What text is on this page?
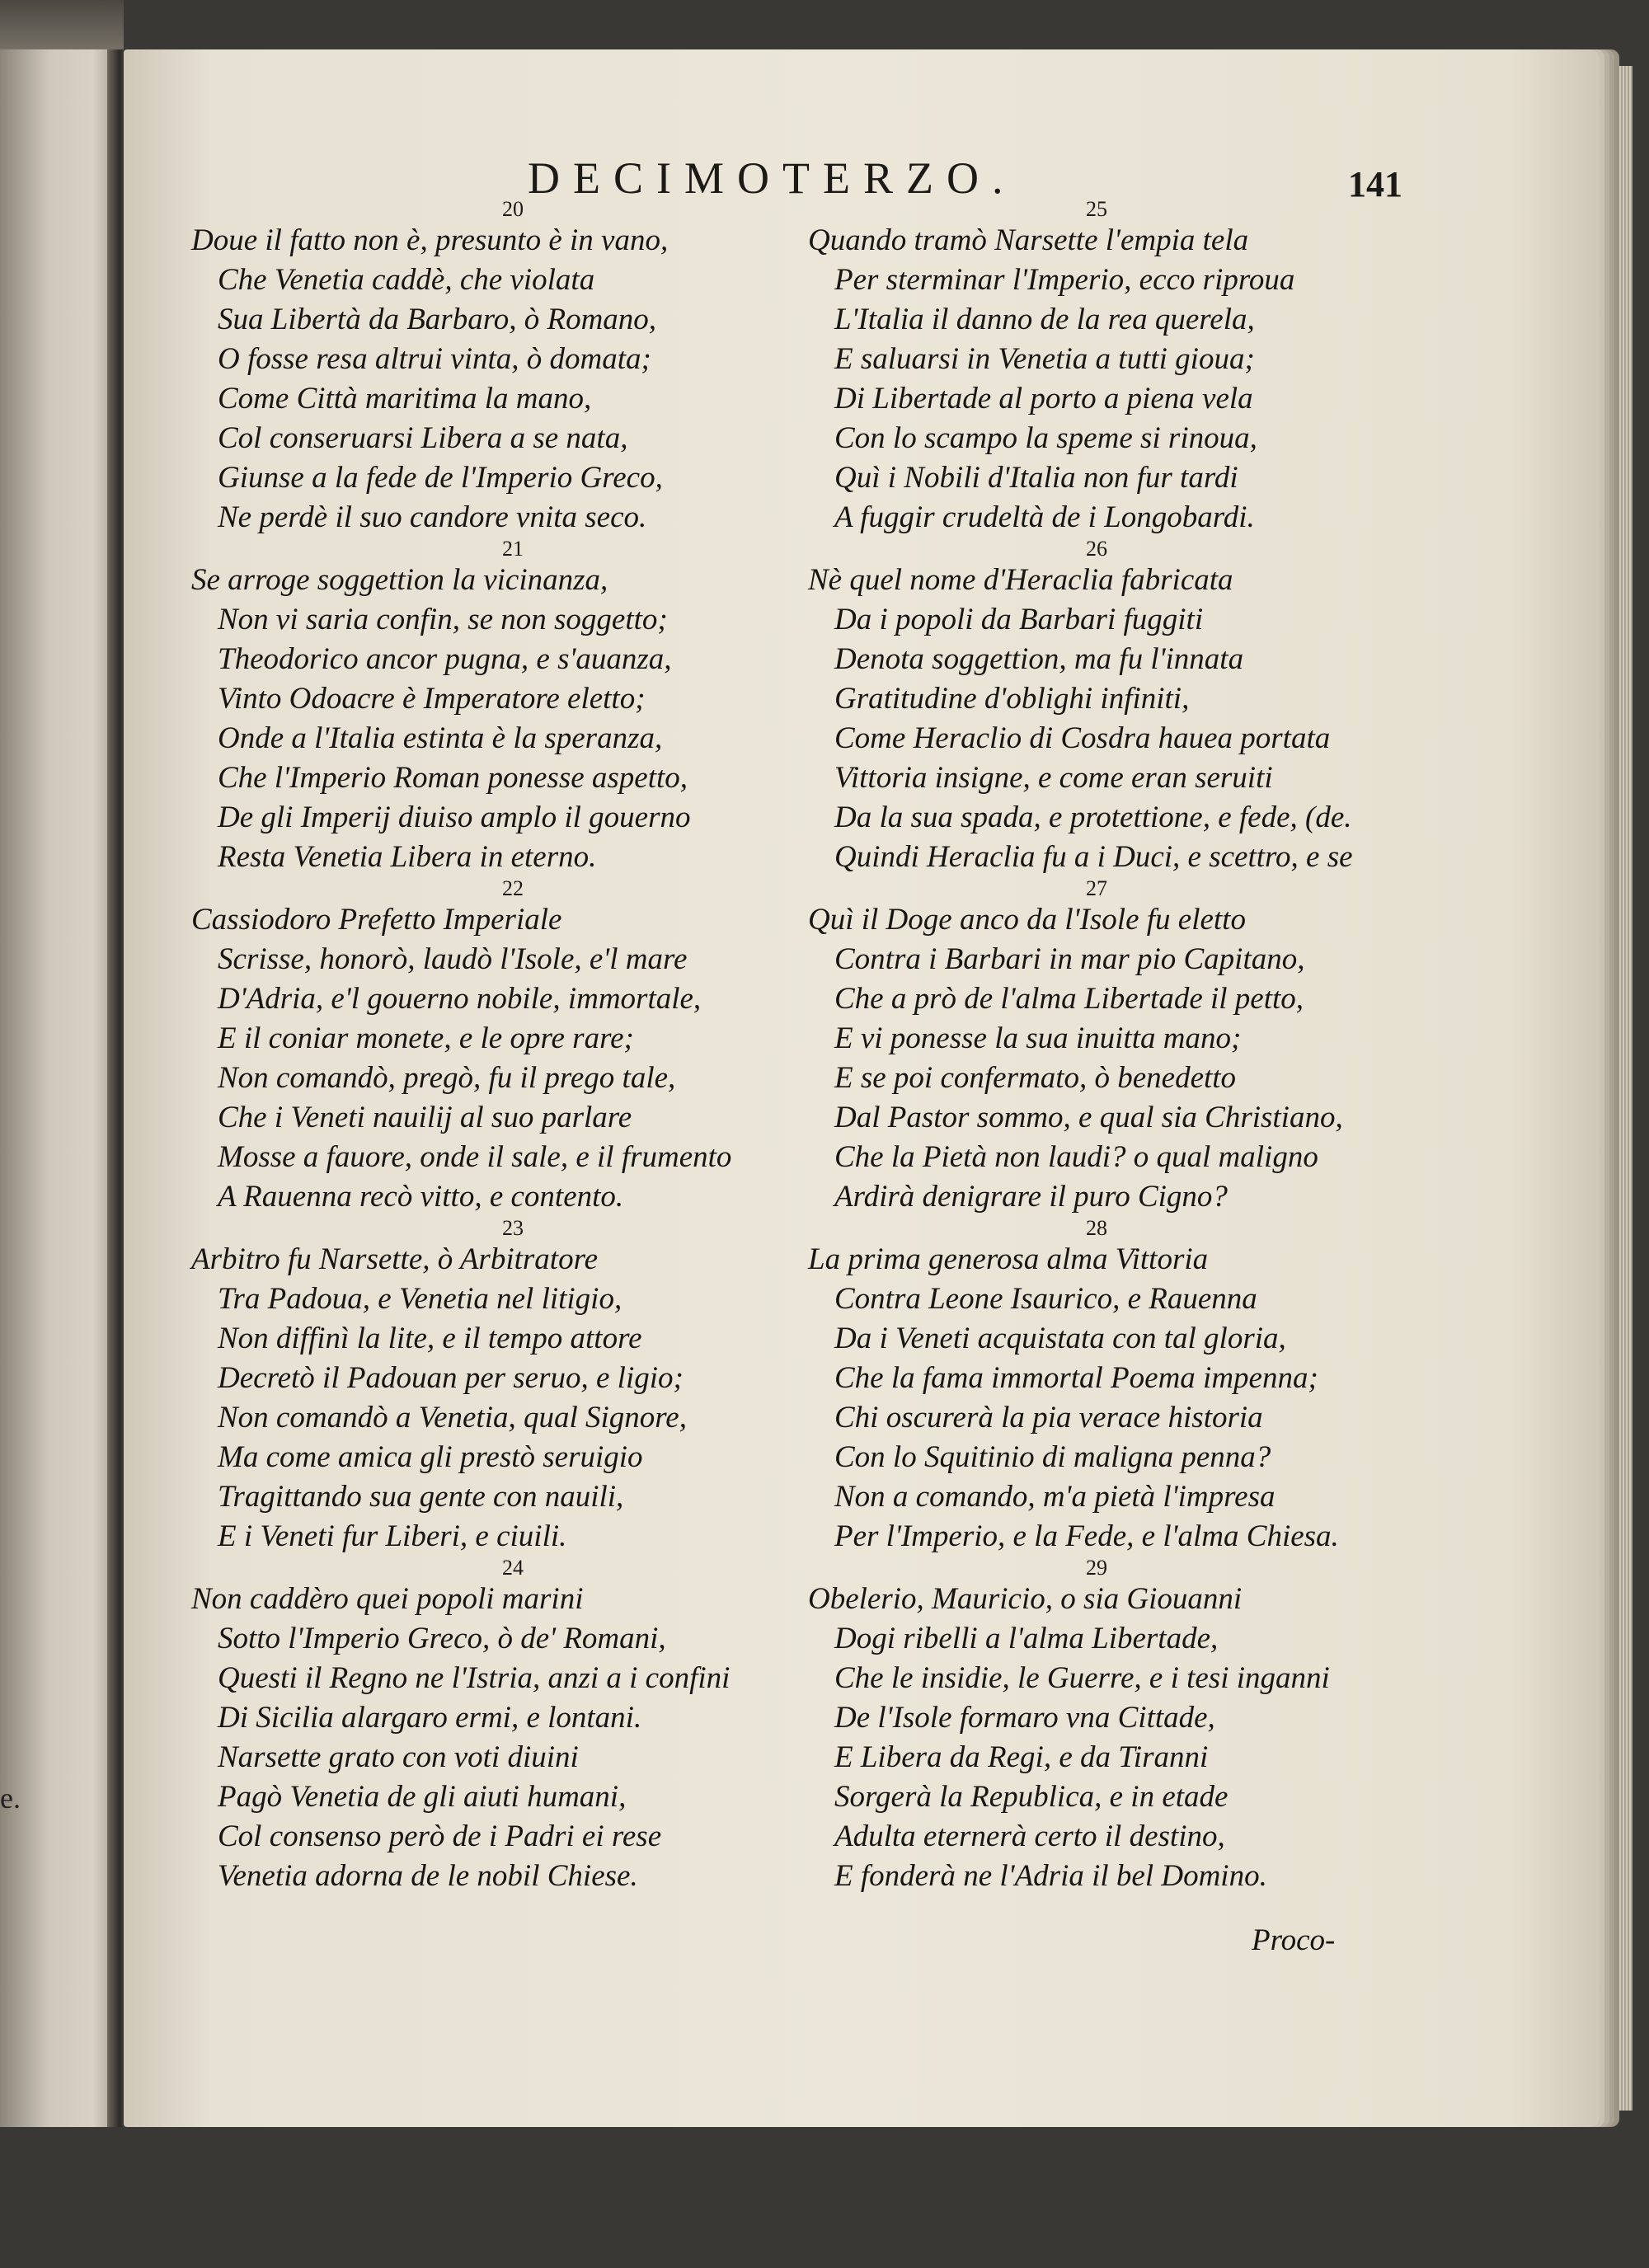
e.
DECIMOTERZO.	141
20
Doue il fatto non è, presunto è in vano,
Che Venetia caddè, che violata
Sua Libertà da Barbaro, ò Romano,
O fosse resa altrui vinta, ò domata;
Come Città maritima la mano,
Col conseruarsi Libera a se nata,
Giunse a la fede de l'Imperio Greco,
Ne perdè il suo candore vnita seco.
21
Se arroge soggettion la vicinanza,
Non vi saria confin, se non soggetto;
Theodorico ancor pugna, e s'auanza,
Vinto Odoacre è Imperatore eletto;
Onde a l'Italia estinta è la speranza,
Che l'Imperio Roman ponesse aspetto,
De gli Imperij diuiso amplo il gouerno
Resta Venetia Libera in eterno.
22
Cassiodoro Prefetto Imperiale
Scrisse, honorò, laudò l'Isole, e'l mare
D'Adria, e'l gouerno nobile, immortale,
E il coniar monete, e le opre rare;
Non comandò, pregò, fu il prego tale,
Che i Veneti nauilij al suo parlare
Mosse a fauore, onde il sale, e il frumento
A Rauenna recò vitto, e contento.
23
Arbitro fu Narsette, ò Arbitratore
Tra Padoua, e Venetia nel litigio,
Non diffinì la lite, e il tempo attore
Decretò il Padouan per seruo, e ligio;
Non comandò a Venetia, qual Signore,
Ma come amica gli prestò seruigio
Tragittando sua gente con nauili,
E i Veneti fur Liberi, e ciuili.
24
Non caddèro quei popoli marini
Sotto l'Imperio Greco, ò de' Romani,
Questi il Regno ne l'Istria, anzi a i confini
Di Sicilia alargaro ermi, e lontani.
Narsette grato con voti diuini
Pagò Venetia de gli aiuti humani,
Col consenso però de i Padri ei rese
Venetia adorna de le nobil Chiese.
25
Quando tramò Narsette l'empia tela
Per sterminar l'Imperio, ecco riproua
L'Italia il danno de la rea querela,
E saluarsi in Venetia a tutti gioua;
Di Libertade al porto a piena vela
Con lo scampo la speme si rinoua,
Quì i Nobili d'Italia non fur tardi
A fuggir crudeltà de i Longobardi.
26
Nè quel nome d'Heraclia fabricata
Da i popoli da Barbari fuggiti
Denota soggettion, ma fu l'innata
Gratitudine d'oblighi infiniti,
Come Heraclio di Cosdra hauea portata
Vittoria insigne, e come eran seruiti
Da la sua spada, e protettione, e fede, (de.
Quindi Heraclia fu a i Duci, e scettro, e se
27
Quì il Doge anco da l'Isole fu eletto
Contra i Barbari in mar pio Capitano,
Che a prò de l'alma Libertade il petto,
E vi ponesse la sua inuitta mano;
E se poi confermato, ò benedetto
Dal Pastor sommo, e qual sia Christiano,
Che la Pietà non laudi? o qual maligno
Ardirà denigrare il puro Cigno?
28
La prima generosa alma Vittoria
Contra Leone Isaurico, e Rauenna
Da i Veneti acquistata con tal gloria,
Che la fama immortal Poema impenna;
Chi oscurerà la pia verace historia
Con lo Squitinio di maligna penna?
Non a comando, m'a pietà l'impresa
Per l'Imperio, e la Fede, e l'alma Chiesa.
29
Obelerio, Mauricio, o sia Giouanni
Dogi ribelli a l'alma Libertade,
Che le insidie, le Guerre, e i tesi inganni
De l'Isole formaro vna Cittade,
E Libera da Regi, e da Tiranni
Sorgerà la Republica, e in etade
Adulta eternerà certo il destino,
E fonderà ne l'Adria il bel Domino.
Proco-
